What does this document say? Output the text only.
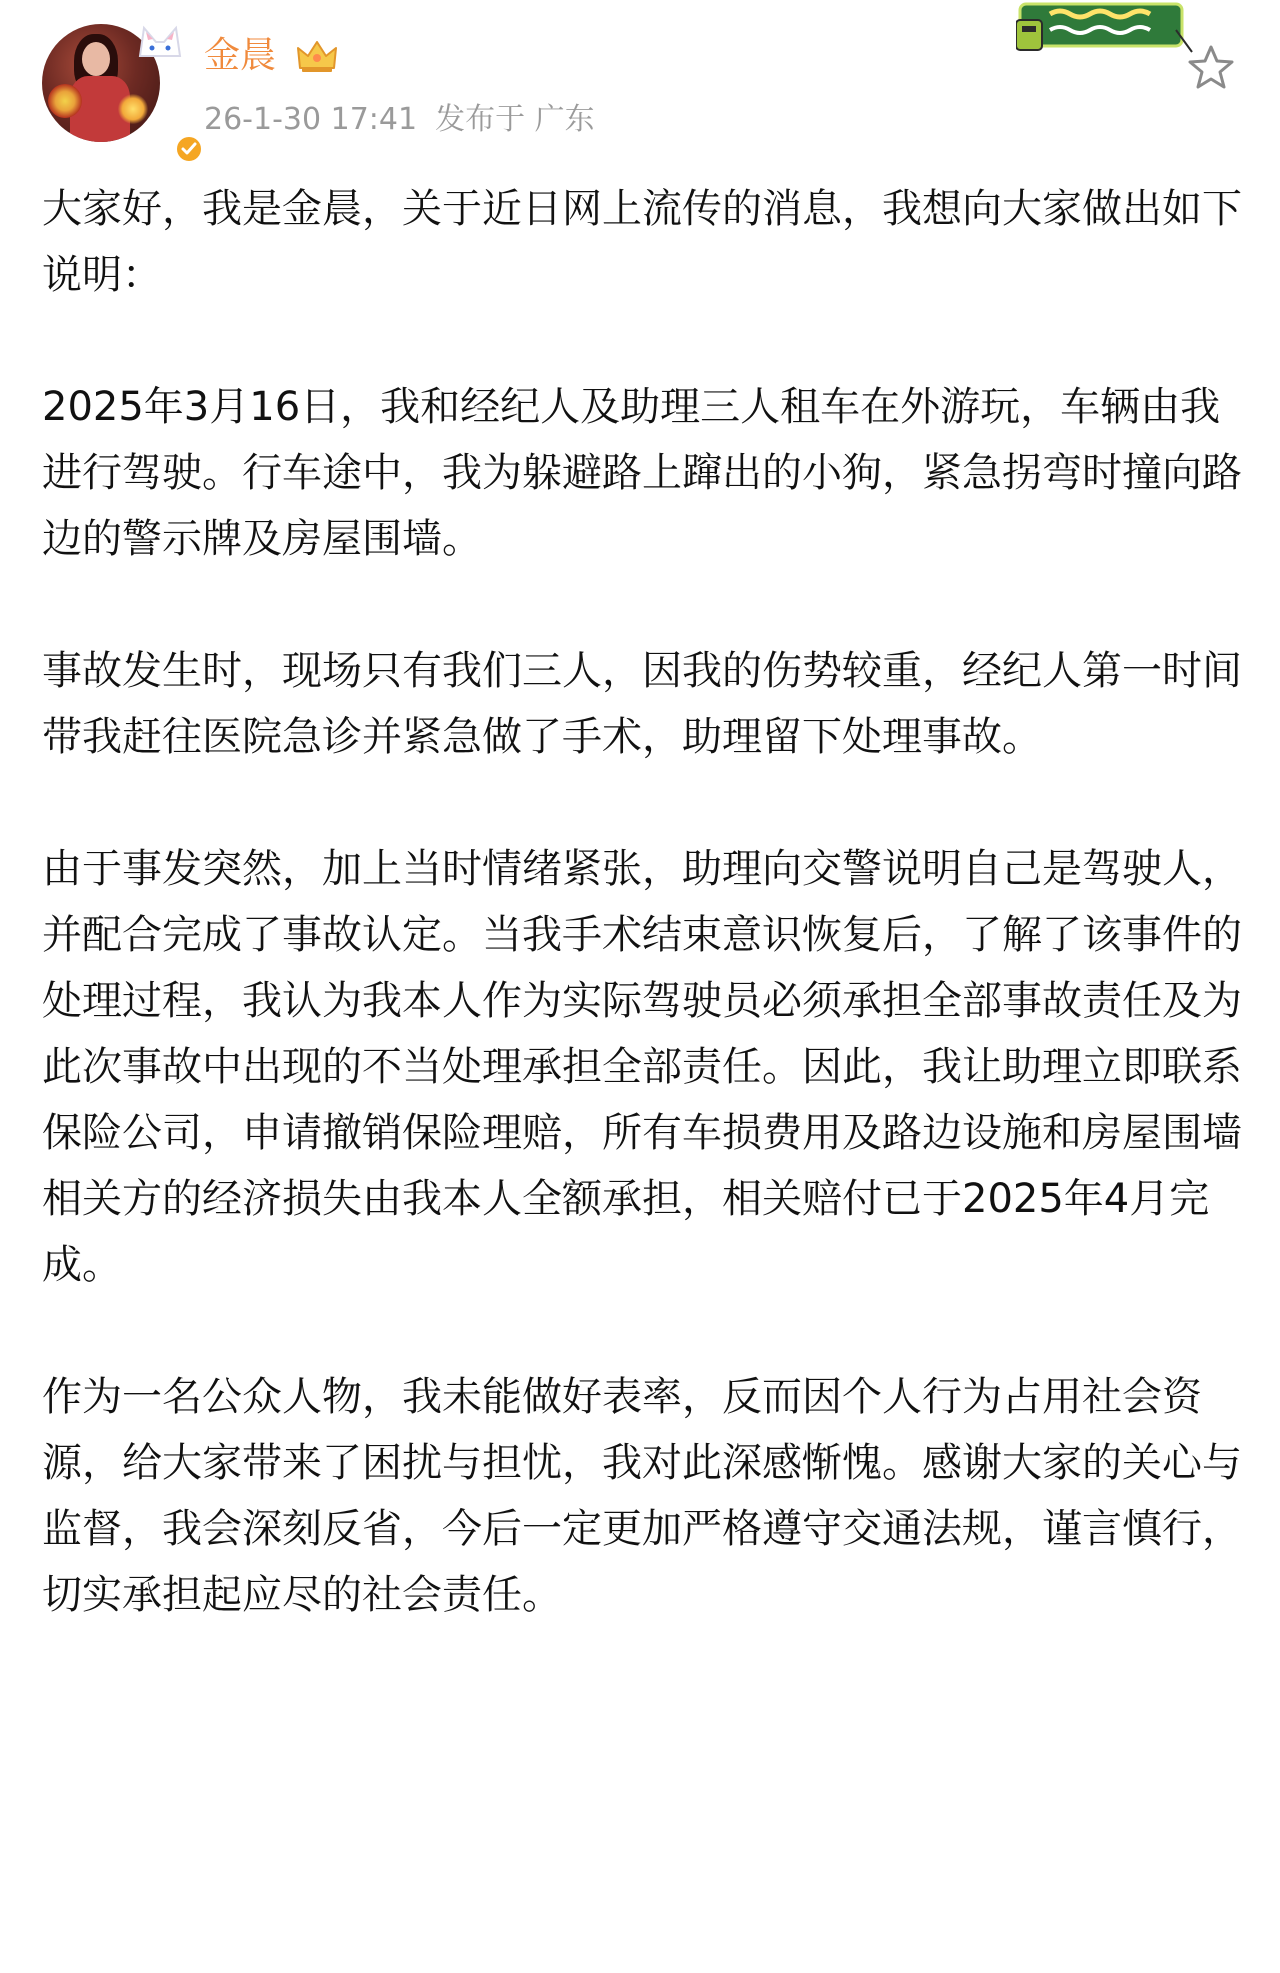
金晨
26-1-30 17:41 发布于 广东

大家好，我是金晨，关于近日网上流传的消息，我想向大家做出如下说明：

2025年3月16日，我和经纪人及助理三人租车在外游玩，车辆由我进行驾驶。行车途中，我为躲避路上蹿出的小狗，紧急拐弯时撞向路边的警示牌及房屋围墙。

事故发生时，现场只有我们三人，因我的伤势较重，经纪人第一时间带我赶往医院急诊并紧急做了手术，助理留下处理事故。

由于事发突然，加上当时情绪紧张，助理向交警说明自己是驾驶人，并配合完成了事故认定。当我手术结束意识恢复后，了解了该事件的处理过程，我认为我本人作为实际驾驶员必须承担全部事故责任及为此次事故中出现的不当处理承担全部责任。因此，我让助理立即联系保险公司，申请撤销保险理赔，所有车损费用及路边设施和房屋围墙相关方的经济损失由我本人全额承担，相关赔付已于2025年4月完成。

作为一名公众人物，我未能做好表率，反而因个人行为占用社会资源，给大家带来了困扰与担忧，我对此深感惭愧。感谢大家的关心与监督，我会深刻反省，今后一定更加严格遵守交通法规，谨言慎行，切实承担起应尽的社会责任。
